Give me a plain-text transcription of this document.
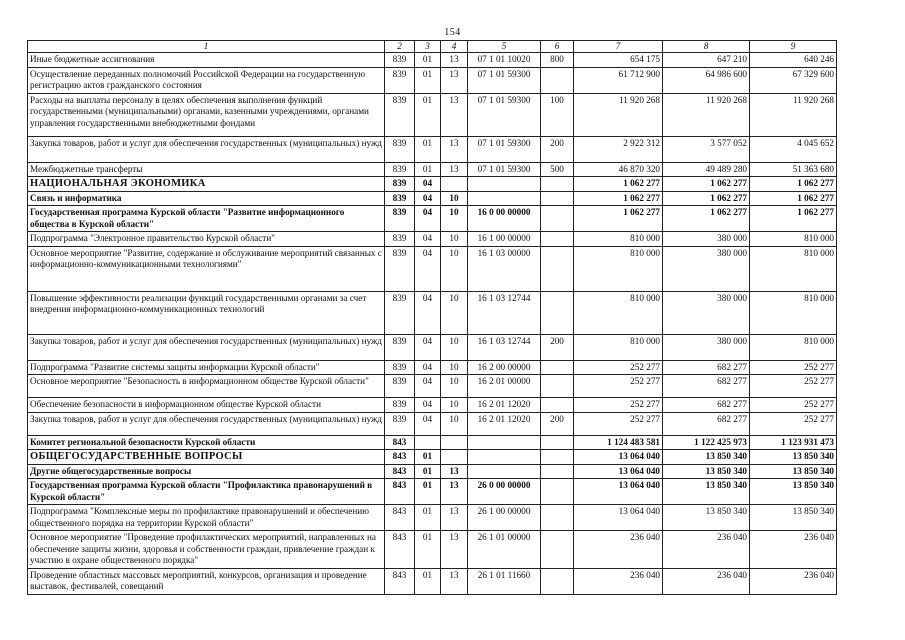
154
1	2	3	4	5	6	7	8	9
Иные бюджетные ассигнования	839	01	13	07 1 01 10020	800	654 175	647 210	640 246
Осуществление переданных полномочий Российской Федерации на государственную регистрацию актов гражданского состояния	839	01	13	07 1 01 59300		61 712 900	64 986 600	67 329 600
Расходы на выплаты персоналу в целях обеспечения выполнения функций государственными (муниципальными) органами, казенными учреждениями, органами управления государственными внебюджетными фондами	839	01	13	07 1 01 59300	100	11 920 268	11 920 268	11 920 268
Закупка товаров, работ и услуг для обеспечения государственных (муниципальных) нужд	839	01	13	07 1 01 59300	200	2 922 312	3 577 052	4 045 652
Межбюджетные трансферты	839	01	13	07 1 01 59300	500	46 870 320	49 489 280	51 363 680
НАЦИОНАЛЬНАЯ ЭКОНОМИКА	839	04				1 062 277	1 062 277	1 062 277
Связь и информатика	839	04	10			1 062 277	1 062 277	1 062 277
Государственная программа Курской области "Развитие информационного общества в Курской области"	839	04	10	16 0 00 00000		1 062 277	1 062 277	1 062 277
Подпрограмма "Электронное правительство Курской области"	839	04	10	16 1 00 00000		810 000	380 000	810 000
Основное мероприятие "Развитие, содержание и обслуживание мероприятий связанных с информационно-коммуникационными технологиями"	839	04	10	16 1 03 00000		810 000	380 000	810 000
Повышение эффективности реализации функций государственными органами за счет внедрения информационно-коммуникационных технологий	839	04	10	16 1 03 12744		810 000	380 000	810 000
Закупка товаров, работ и услуг для обеспечения государственных (муниципальных) нужд	839	04	10	16 1 03 12744	200	810 000	380 000	810 000
Подпрограмма "Развитие системы защиты информации Курской области"	839	04	10	16 2 00 00000		252 277	682 277	252 277
Основное мероприятие "Безопасность в информационном обществе Курской области"	839	04	10	16 2 01 00000		252 277	682 277	252 277
Обеспечение безопасности в информационном обществе Курской области	839	04	10	16 2 01 12020		252 277	682 277	252 277
Закупка товаров, работ и услуг для обеспечения государственных (муниципальных) нужд	839	04	10	16 2 01 12020	200	252 277	682 277	252 277
Комитет региональной безопасности Курской области	843					1 124 483 581	1 122 425 973	1 123 931 473
ОБЩЕГОСУДАРСТВЕННЫЕ ВОПРОСЫ	843	01				13 064 040	13 850 340	13 850 340
Другие общегосударственные вопросы	843	01	13			13 064 040	13 850 340	13 850 340
Государственная программа Курской области "Профилактика правонарушений в Курской области"	843	01	13	26 0 00 00000		13 064 040	13 850 340	13 850 340
Подпрограмма "Комплексные меры по профилактике правонарушений и обеспечению общественного порядка на территории Курской области"	843	01	13	26 1 00 00000		13 064 040	13 850 340	13 850 340
Основное мероприятие "Проведение профилактических мероприятий, направленных на обеспечение защиты жизни, здоровья и собственности граждан, привлечение граждан к участию в охране общественного порядка"	843	01	13	26 1 01 00000		236 040	236 040	236 040
Проведение областных массовых мероприятий, конкурсов, организация и проведение выставок, фестивалей, совещаний	843	01	13	26 1 01 11660		236 040	236 040	236 040
